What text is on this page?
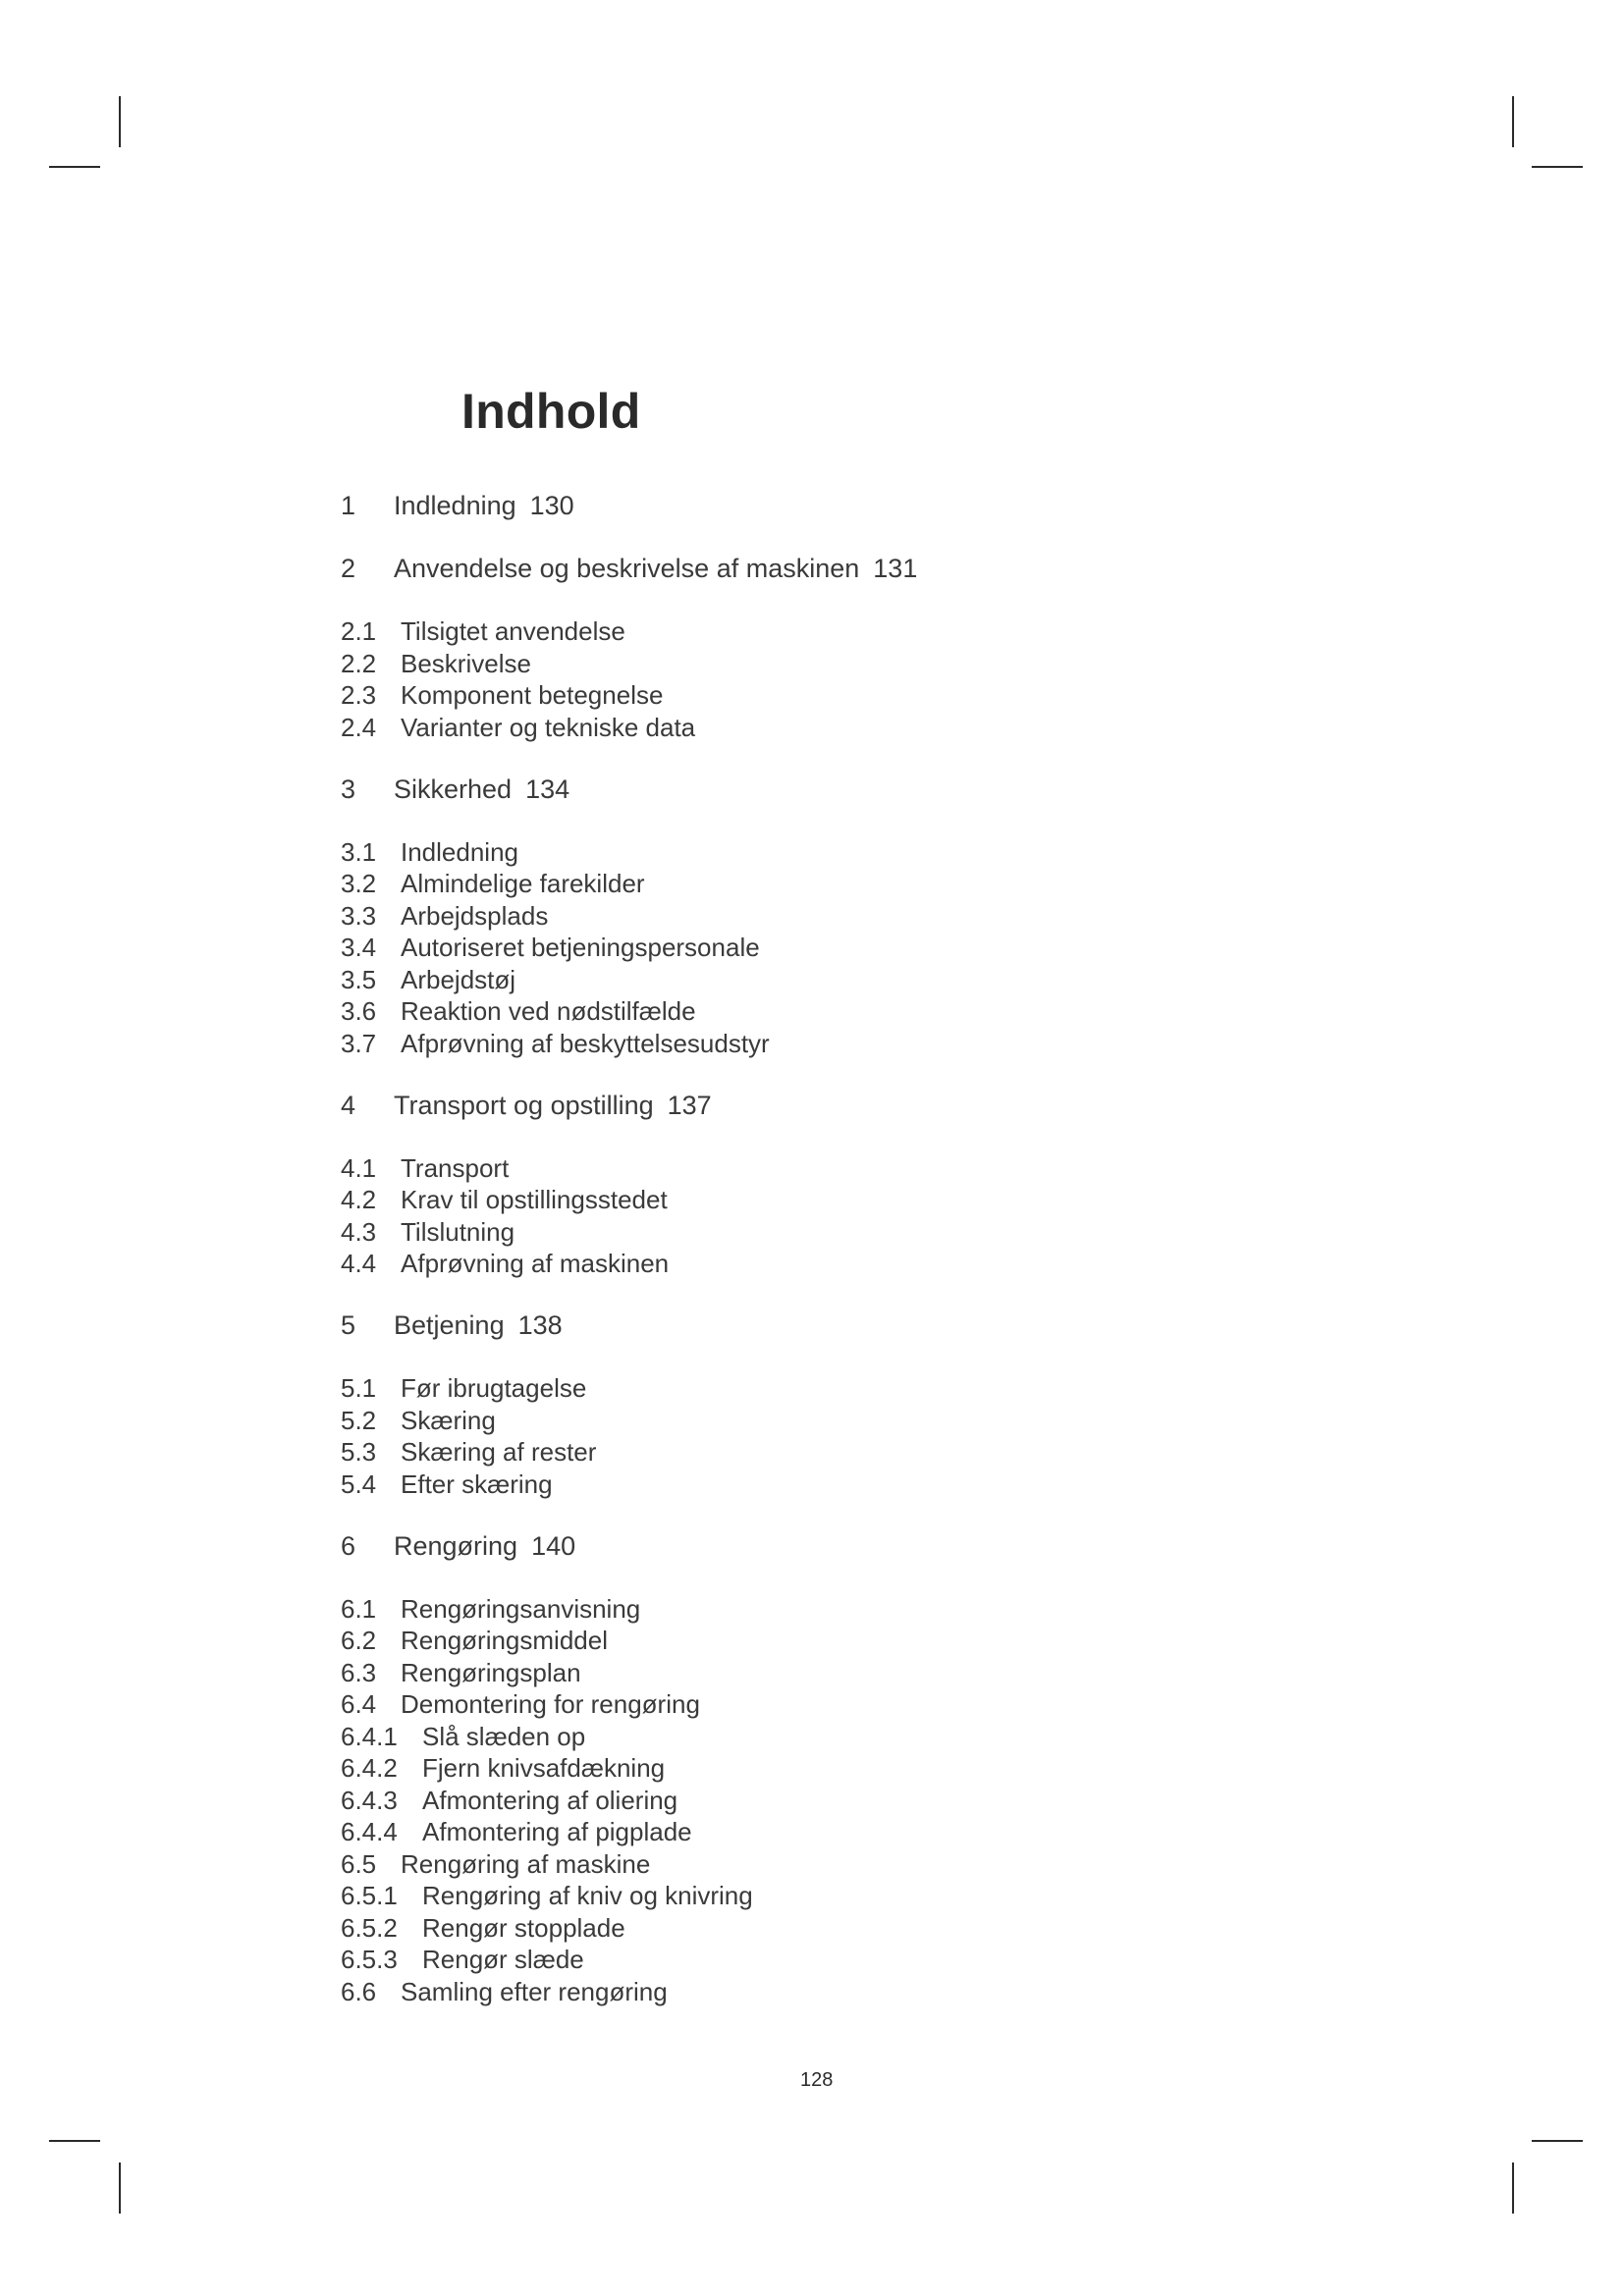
Indhold
1 Indledning 130
2 Anvendelse og beskrivelse af maskinen 131
2.1 Tilsigtet anvendelse
2.2 Beskrivelse
2.3 Komponent betegnelse
2.4 Varianter og tekniske data
3 Sikkerhed 134
3.1 Indledning
3.2 Almindelige farekilder
3.3 Arbejdsplads
3.4 Autoriseret betjeningspersonale
3.5 Arbejdstøj
3.6 Reaktion ved nødstilfælde
3.7 Afprøvning af beskyttelsesudstyr
4 Transport og opstilling 137
4.1 Transport
4.2 Krav til opstillingsstedet
4.3 Tilslutning
4.4 Afprøvning af maskinen
5 Betjening 138
5.1 Før ibrugtagelse
5.2 Skæring
5.3 Skæring af rester
5.4 Efter skæring
6 Rengøring 140
6.1 Rengøringsanvisning
6.2 Rengøringsmiddel
6.3 Rengøringsplan
6.4 Demontering for rengøring
6.4.1 Slå slæden op
6.4.2 Fjern knivsafdækning
6.4.3 Afmontering af oliering
6.4.4 Afmontering af pigplade
6.5 Rengøring af maskine
6.5.1 Rengøring af kniv og knivring
6.5.2 Rengør stopplade
6.5.3 Rengør slæde
6.6 Samling efter rengøring
128
